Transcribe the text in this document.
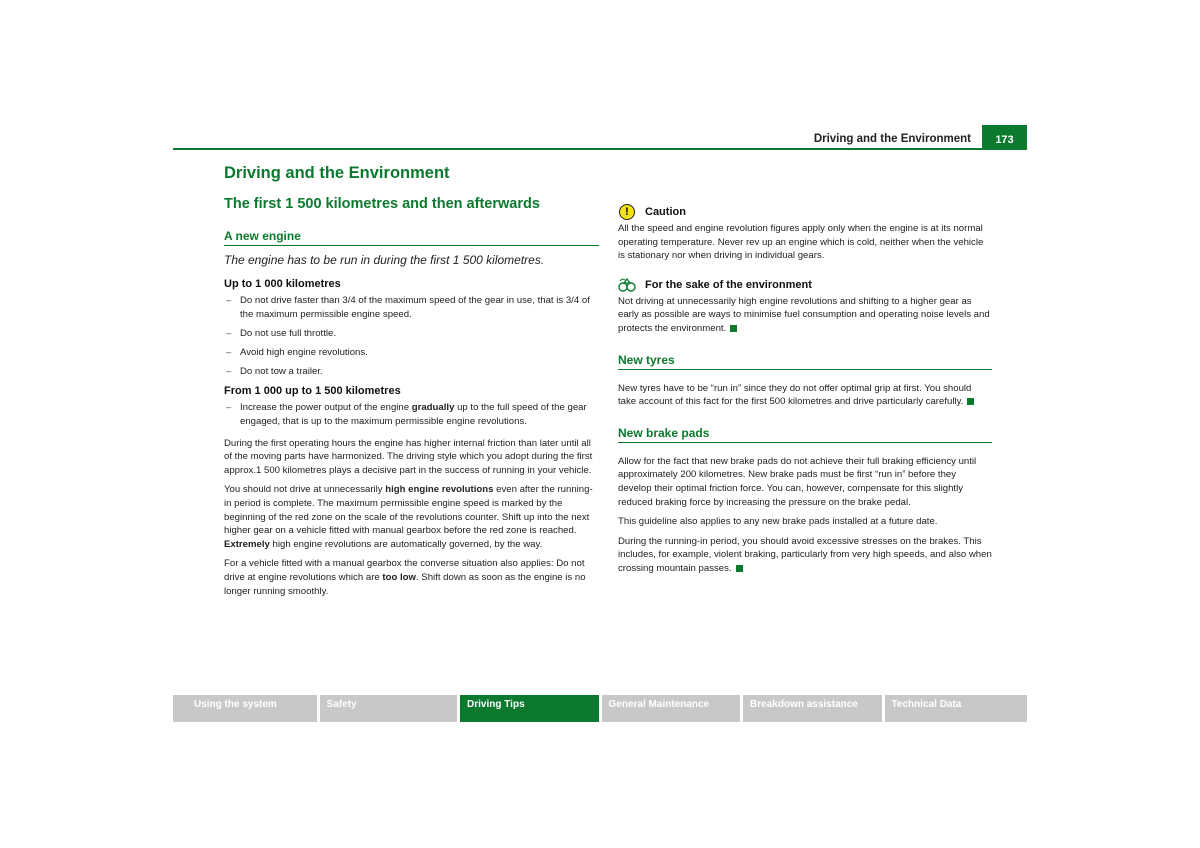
Driving and the Environment	173
Driving and the Environment
The first 1 500 kilometres and then afterwards
A new engine
The engine has to be run in during the first 1 500 kilometres.
Up to 1 000 kilometres
– Do not drive faster than 3/4 of the maximum speed of the gear in use, that is 3/4 of the maximum permissible engine speed.
– Do not use full throttle.
– Avoid high engine revolutions.
– Do not tow a trailer.
From 1 000 up to 1 500 kilometres
– Increase the power output of the engine gradually up to the full speed of the gear engaged, that is up to the maximum permissible engine revolutions.

During the first operating hours the engine has higher internal friction than later until all of the moving parts have harmonized. The driving style which you adopt during the first approx.1 500 kilometres plays a decisive part in the success of running in your vehicle.

You should not drive at unnecessarily high engine revolutions even after the running-in period is complete. The maximum permissible engine speed is marked by the beginning of the red zone on the scale of the revolutions counter. Shift up into the next higher gear on a vehicle fitted with manual gearbox before the red zone is reached. Extremely high engine revolutions are automatically governed, by the way.

For a vehicle fitted with a manual gearbox the converse situation also applies: Do not drive at engine revolutions which are too low. Shift down as soon as the engine is no longer running smoothly.

!	Caution

All the speed and engine revolution figures apply only when the engine is at its normal operating temperature. Never rev up an engine which is cold, neither when the vehicle is stationary nor when driving in individual gears.

For the sake of the environment

Not driving at unnecessarily high engine revolutions and shifting to a higher gear as early as possible are ways to minimise fuel consumption and operating noise levels and protects the environment.

New tyres

New tyres have to be “run in” since they do not offer optimal grip at first. You should take account of this fact for the first 500 kilometres and drive particularly carefully.

New brake pads

Allow for the fact that new brake pads do not achieve their full braking efficiency until approximately 200 kilometres. New brake pads must be first “run in” before they develop their optimal friction force. You can, however, compensate for this slightly reduced braking force by increasing the pressure on the brake pedal.

This guideline also applies to any new brake pads installed at a future date.

During the running-in period, you should avoid excessive stresses on the brakes. This includes, for example, violent braking, particularly from very high speeds, and also when crossing mountain passes.

Using the system	Safety	Driving Tips	General Maintenance	Breakdown assistance	Technical Data
